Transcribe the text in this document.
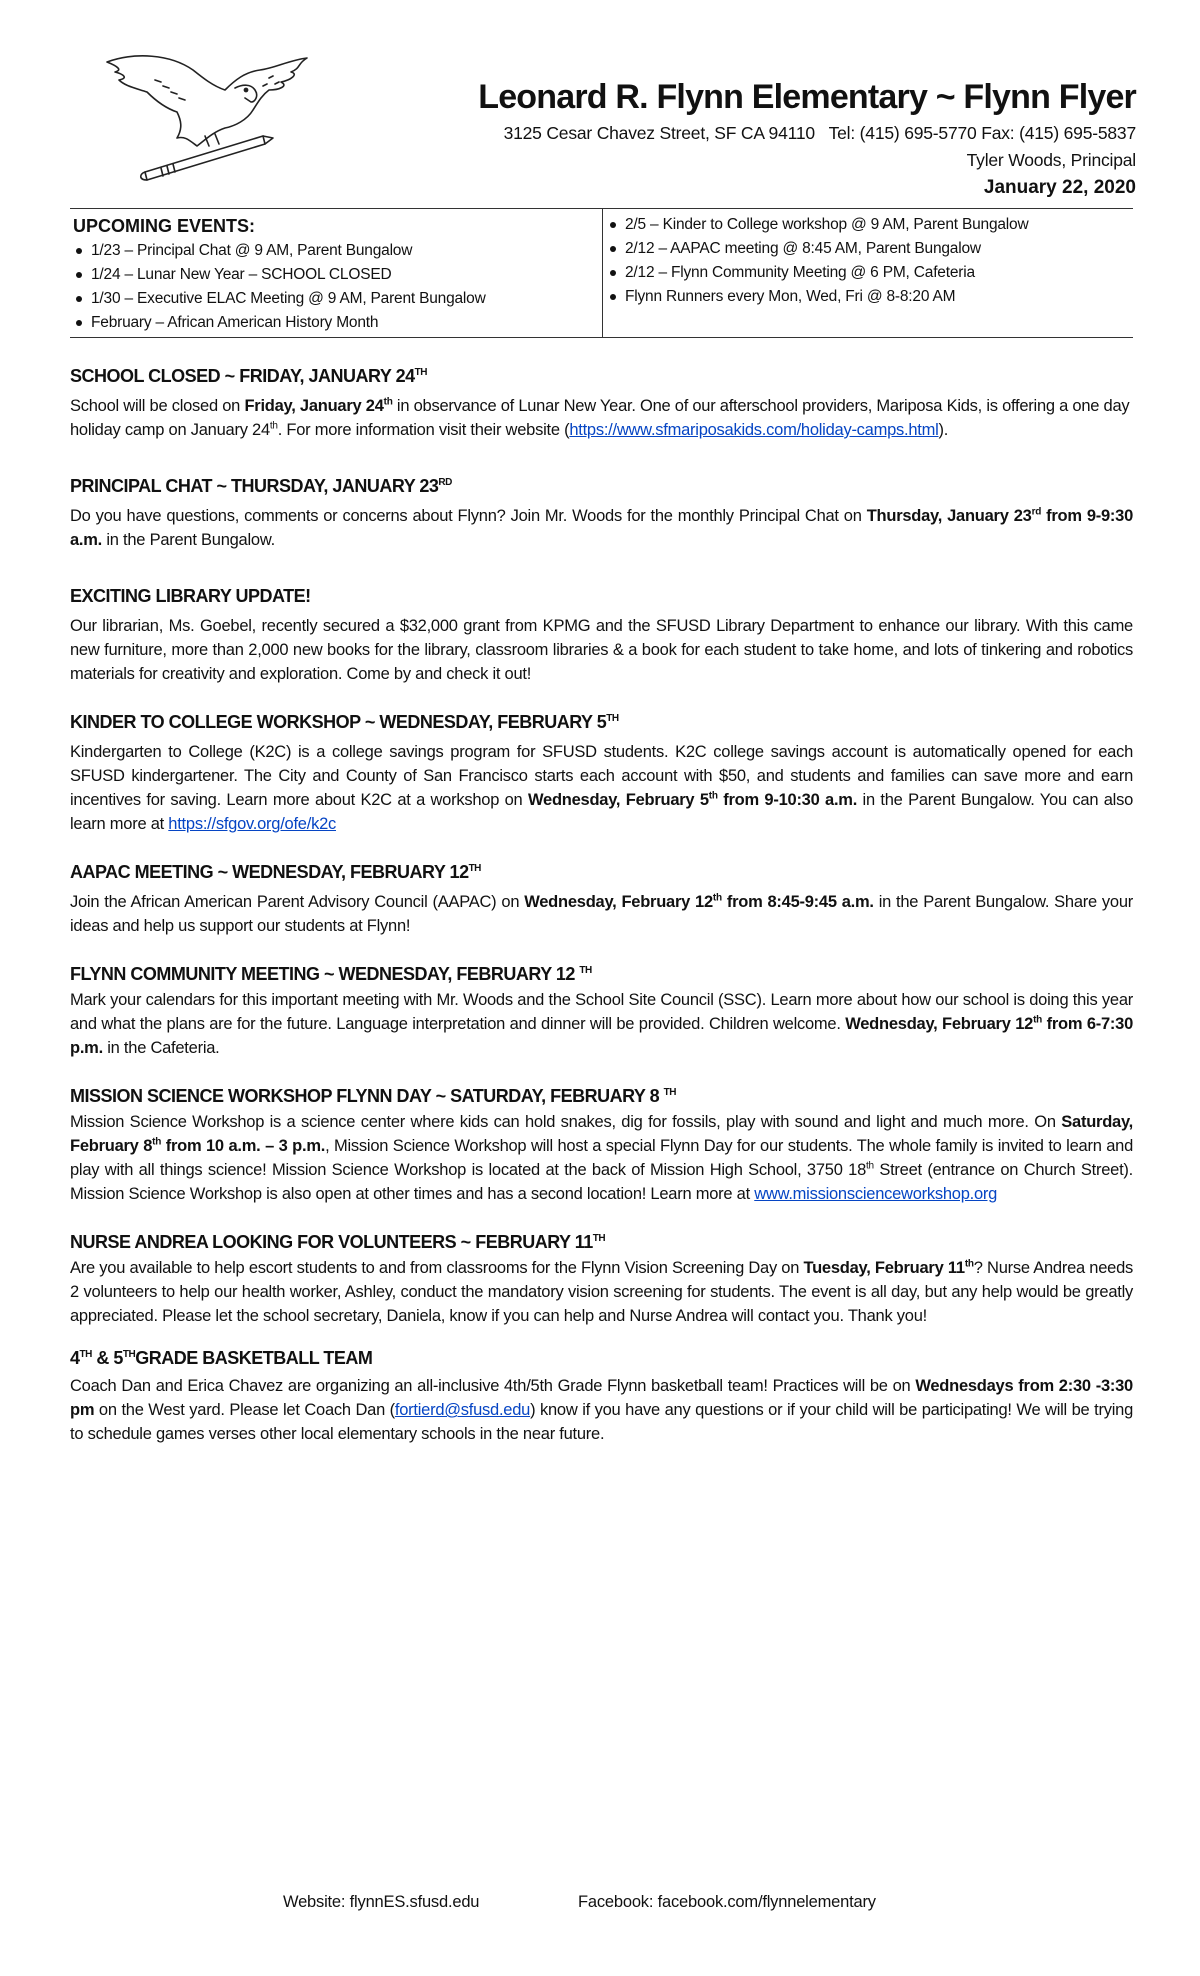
Leonard R. Flynn Elementary ~ Flynn Flyer
3125 Cesar Chavez Street, SF CA 94110 Tel: (415) 695-5770 Fax: (415) 695-5837
Tyler Woods, Principal
January 22, 2020
UPCOMING EVENTS:
1/23 – Principal Chat @ 9 AM, Parent Bungalow
1/24 – Lunar New Year – SCHOOL CLOSED
1/30 – Executive ELAC Meeting @ 9 AM, Parent Bungalow
February – African American History Month
2/5 – Kinder to College workshop @ 9 AM, Parent Bungalow
2/12 – AAPAC meeting @ 8:45 AM, Parent Bungalow
2/12 – Flynn Community Meeting @ 6 PM, Cafeteria
Flynn Runners every Mon, Wed, Fri @ 8-8:20 AM
SCHOOL CLOSED ~ FRIDAY, JANUARY 24TH

School will be closed on Friday, January 24th in observance of Lunar New Year. One of our afterschool providers, Mariposa Kids, is offering a one day holiday camp on January 24th. For more information visit their website (https://www.sfmariposakids.com/holiday-camps.html).

PRINCIPAL CHAT ~ THURSDAY, JANUARY 23RD

Do you have questions, comments or concerns about Flynn? Join Mr. Woods for the monthly Principal Chat on Thursday, January 23rd from 9-9:30 a.m. in the Parent Bungalow.

EXCITING LIBRARY UPDATE!

Our librarian, Ms. Goebel, recently secured a $32,000 grant from KPMG and the SFUSD Library Department to enhance our library. With this came new furniture, more than 2,000 new books for the library, classroom libraries & a book for each student to take home, and lots of tinkering and robotics materials for creativity and exploration. Come by and check it out!

KINDER TO COLLEGE WORKSHOP ~ WEDNESDAY, FEBRUARY 5TH

Kindergarten to College (K2C) is a college savings program for SFUSD students. K2C college savings account is automatically opened for each SFUSD kindergartener. The City and County of San Francisco starts each account with $50, and students and families can save more and earn incentives for saving. Learn more about K2C at a workshop on Wednesday, February 5th from 9-10:30 a.m. in the Parent Bungalow. You can also learn more at https://sfgov.org/ofe/k2c

AAPAC MEETING ~ WEDNESDAY, FEBRUARY 12TH

Join the African American Parent Advisory Council (AAPAC) on Wednesday, February 12th from 8:45-9:45 a.m. in the Parent Bungalow. Share your ideas and help us support our students at Flynn!

FLYNN COMMUNITY MEETING ~ WEDNESDAY, FEBRUARY 12 $^{TH}$

Mark your calendars for this important meeting with Mr. Woods and the School Site Council (SSC). Learn more about how our school is doing this year and what the plans are for the future. Language interpretation and dinner will be provided. Children welcome. Wednesday, February 12th from 6-7:30 p.m. in the Cafeteria.

MISSION SCIENCE WORKSHOP FLYNN DAY ~ SATURDAY, FEBRUARY 8 $^{TH}$

Mission Science Workshop is a science center where kids can hold snakes, dig for fossils, play with sound and light and much more. On Saturday, February 8th from 10 a.m. – 3 p.m., Mission Science Workshop will host a special Flynn Day for our students. The whole family is invited to learn and play with all things science! Mission Science Workshop is located at the back of Mission High School, 3750 18th Street (entrance on Church Street). Mission Science Workshop is also open at other times and has a second location! Learn more at www.missionscienceworkshop.org

NURSE ANDREA LOOKING FOR VOLUNTEERS ~ FEBRUARY 11TH

Are you available to help escort students to and from classrooms for the Flynn Vision Screening Day on Tuesday, February 11th? Nurse Andrea needs 2 volunteers to help our health worker, Ashley, conduct the mandatory vision screening for students. The event is all day, but any help would be greatly appreciated. Please let the school secretary, Daniela, know if you can help and Nurse Andrea will contact you. Thank you!

4TH & 5THGRADE BASKETBALL TEAM

Coach Dan and Erica Chavez are organizing an all-inclusive 4th/5th Grade Flynn basketball team! Practices will be on Wednesdays from 2:30 -3:30 pm on the West yard. Please let Coach Dan (fortierd@sfusd.edu) know if you have any questions or if your child will be participating! We will be trying to schedule games verses other local elementary schools in the near future.

Website: flynnES.sfusd.edu	Facebook: facebook.com/flynnelementary
